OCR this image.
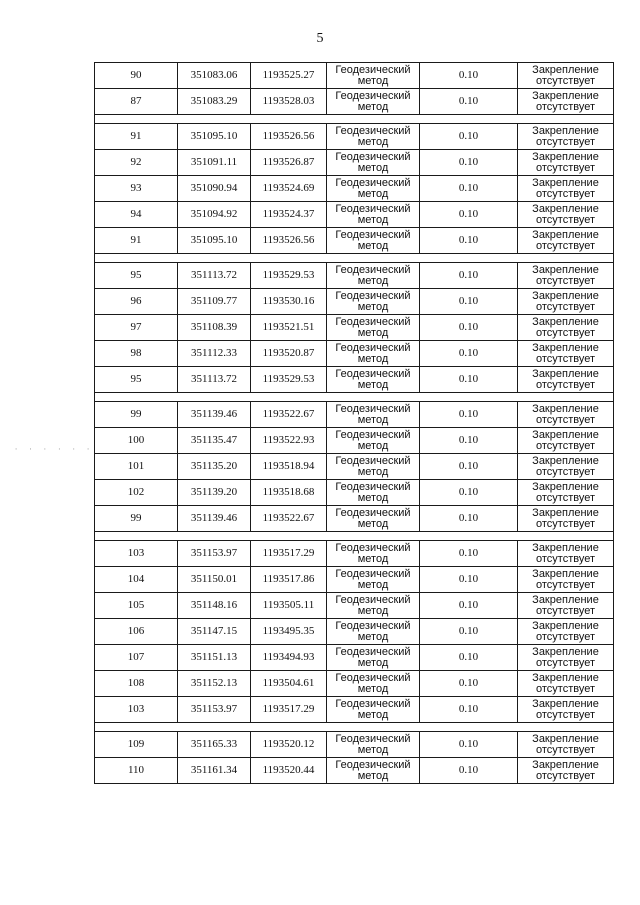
5
· · · · · ·
90	351083.06	1193525.27	Геодезический
метод	0.10	Закрепление
отсутствует

87	351083.29	1193528.03	Геодезический
метод	0.10	Закрепление
отсутствует

91	351095.10	1193526.56	Геодезический
метод	0.10	Закрепление
отсутствует

92	351091.11	1193526.87	Геодезический
метод	0.10	Закрепление
отсутствует

93	351090.94	1193524.69	Геодезический
метод	0.10	Закрепление
отсутствует

94	351094.92	1193524.37	Геодезический
метод	0.10	Закрепление
отсутствует

91	351095.10	1193526.56	Геодезический
метод	0.10	Закрепление
отсутствует

95	351113.72	1193529.53	Геодезический
метод	0.10	Закрепление
отсутствует

96	351109.77	1193530.16	Геодезический
метод	0.10	Закрепление
отсутствует

97	351108.39	1193521.51	Геодезический
метод	0.10	Закрепление
отсутствует

98	351112.33	1193520.87	Геодезический
метод	0.10	Закрепление
отсутствует

95	351113.72	1193529.53	Геодезический
метод	0.10	Закрепление
отсутствует

99	351139.46	1193522.67	Геодезический
метод	0.10	Закрепление
отсутствует

100	351135.47	1193522.93	Геодезический
метод	0.10	Закрепление
отсутствует

101	351135.20	1193518.94	Геодезический
метод	0.10	Закрепление
отсутствует

102	351139.20	1193518.68	Геодезический
метод	0.10	Закрепление
отсутствует

99	351139.46	1193522.67	Геодезический
метод	0.10	Закрепление
отсутствует

103	351153.97	1193517.29	Геодезический
метод	0.10	Закрепление
отсутствует

104	351150.01	1193517.86	Геодезический
метод	0.10	Закрепление
отсутствует

105	351148.16	1193505.11	Геодезический
метод	0.10	Закрепление
отсутствует

106	351147.15	1193495.35	Геодезический
метод	0.10	Закрепление
отсутствует

107	351151.13	1193494.93	Геодезический
метод	0.10	Закрепление
отсутствует

108	351152.13	1193504.61	Геодезический
метод	0.10	Закрепление
отсутствует

103	351153.97	1193517.29	Геодезический
метод	0.10	Закрепление
отсутствует

109	351165.33	1193520.12	Геодезический
метод	0.10	Закрепление
отсутствует

110	351161.34	1193520.44	Геодезический
метод	0.10	Закрепление
отсутствует
